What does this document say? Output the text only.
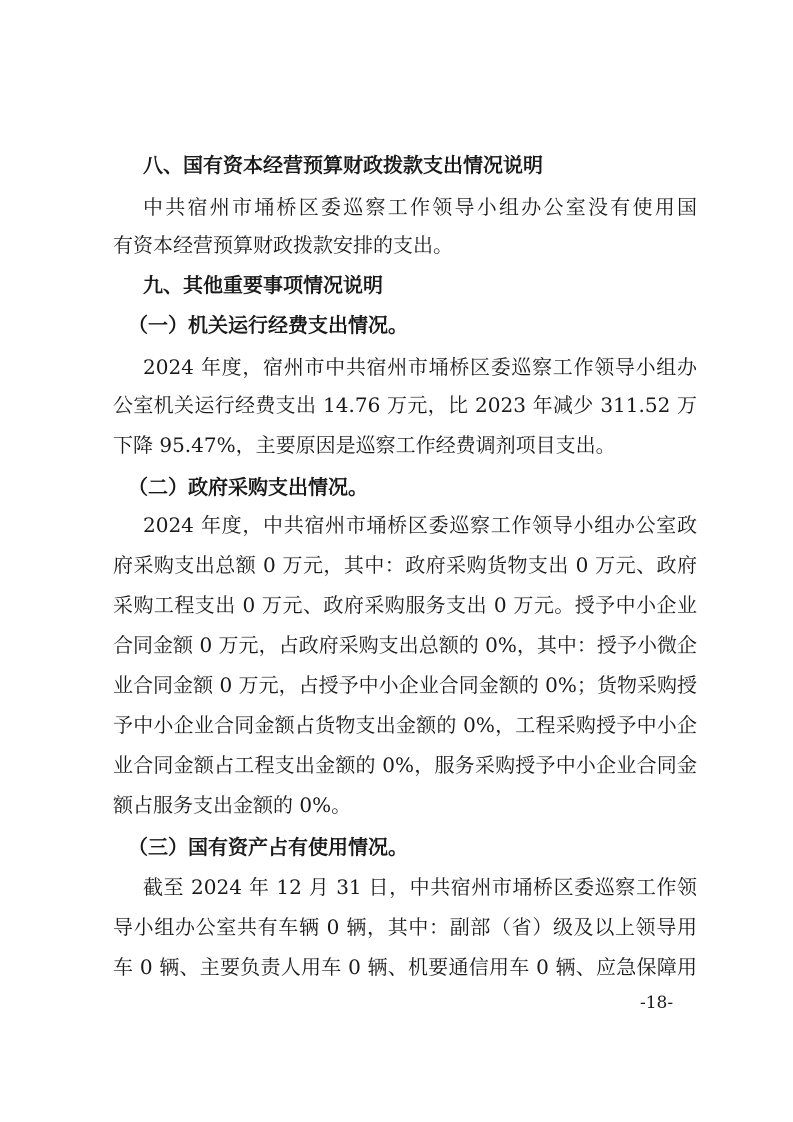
八、国有资本经营预算财政拨款支出情况说明
中共宿州市埇桥区委巡察工作领导小组办公室没有使用国
有资本经营预算财政拨款安排的支出。
九、其他重要事项情况说明
（一）机关运行经费支出情况。
2024 年度，宿州市中共宿州市埇桥区委巡察工作领导小组办
公室机关运行经费支出 14.76 万元，比 2023 年减少 311.52 万
下降 95.47%，主要原因是巡察工作经费调剂项目支出。
（二）政府采购支出情况。
2024 年度，中共宿州市埇桥区委巡察工作领导小组办公室政
府采购支出总额 0 万元，其中：政府采购货物支出 0 万元、政府
采购工程支出 0 万元、政府采购服务支出 0 万元。授予中小企业
合同金额 0 万元，占政府采购支出总额的 0%，其中：授予小微企
业合同金额 0 万元，占授予中小企业合同金额的 0%；货物采购授
予中小企业合同金额占货物支出金额的 0%，工程采购授予中小企
业合同金额占工程支出金额的 0%，服务采购授予中小企业合同金
额占服务支出金额的 0%。
（三）国有资产占有使用情况。
截至 2024 年 12 月 31 日，中共宿州市埇桥区委巡察工作领
导小组办公室共有车辆 0 辆，其中：副部（省）级及以上领导用
车 0 辆、主要负责人用车 0 辆、机要通信用车 0 辆、应急保障用
-18-
